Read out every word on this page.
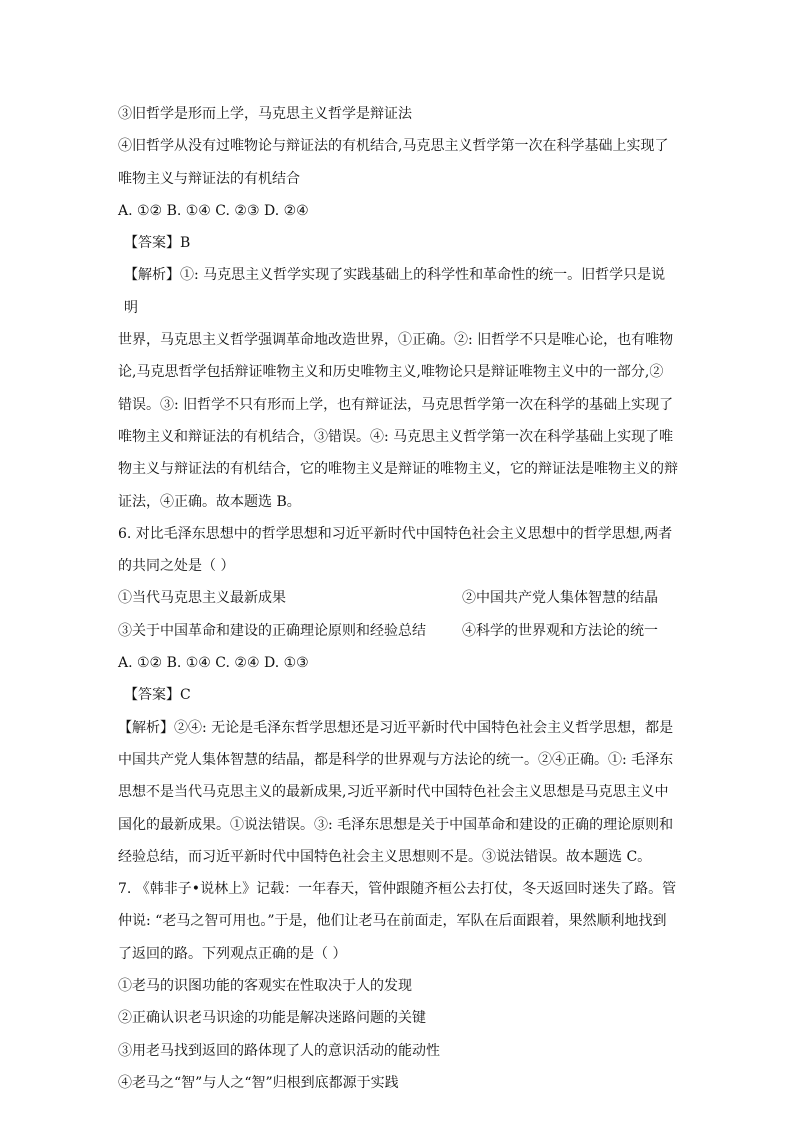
③旧哲学是形而上学，马克思主义哲学是辩证法

④旧哲学从没有过唯物论与辩证法的有机结合,马克思主义哲学第一次在科学基础上实现了

唯物主义与辩证法的有机结合

A. ①② B. ①④ C. ②③ D. ②④

【答案】B

【解析】①: 马克思主义哲学实现了实践基础上的科学性和革命性的统一。旧哲学只是说明

世界，马克思主义哲学强调革命地改造世界，①正确。②: 旧哲学不只是唯心论，也有唯物

论,马克思哲学包括辩证唯物主义和历史唯物主义,唯物论只是辩证唯物主义中的一部分,②

错误。③: 旧哲学不只有形而上学，也有辩证法，马克思哲学第一次在科学的基础上实现了

唯物主义和辩证法的有机结合，③错误。④: 马克思主义哲学第一次在科学基础上实现了唯

物主义与辩证法的有机结合，它的唯物主义是辩证的唯物主义，它的辩证法是唯物主义的辩

证法，④正确。故本题选 B。

6. 对比毛泽东思想中的哲学思想和习近平新时代中国特色社会主义思想中的哲学思想,两者

的共同之处是（ ）

①当代马克思主义最新成果	②中国共产党人集体智慧的结晶
③关于中国革命和建设的正确理论原则和经验总结	④科学的世界观和方法论的统一

A. ①② B. ①④ C. ②④ D. ①③

【答案】C

【解析】②④: 无论是毛泽东哲学思想还是习近平新时代中国特色社会主义哲学思想，都是

中国共产党人集体智慧的结晶，都是科学的世界观与方法论的统一。②④正确。①: 毛泽东

思想不是当代马克思主义的最新成果,习近平新时代中国特色社会主义思想是马克思主义中

国化的最新成果。①说法错误。③: 毛泽东思想是关于中国革命和建设的正确的理论原则和

经验总结，而习近平新时代中国特色社会主义思想则不是。③说法错误。故本题选 C。

7. 《韩非子•说林上》记载：一年春天，管仲跟随齐桓公去打仗，冬天返回时迷失了路。管

仲说: “老马之智可用也。”于是，他们让老马在前面走，军队在后面跟着，果然顺利地找到

了返回的路。下列观点正确的是（ ）

①老马的识图功能的客观实在性取决于人的发现

②正确认识老马识途的功能是解决迷路问题的关键

③用老马找到返回的路体现了人的意识活动的能动性

④老马之“智”与人之“智”归根到底都源于实践
